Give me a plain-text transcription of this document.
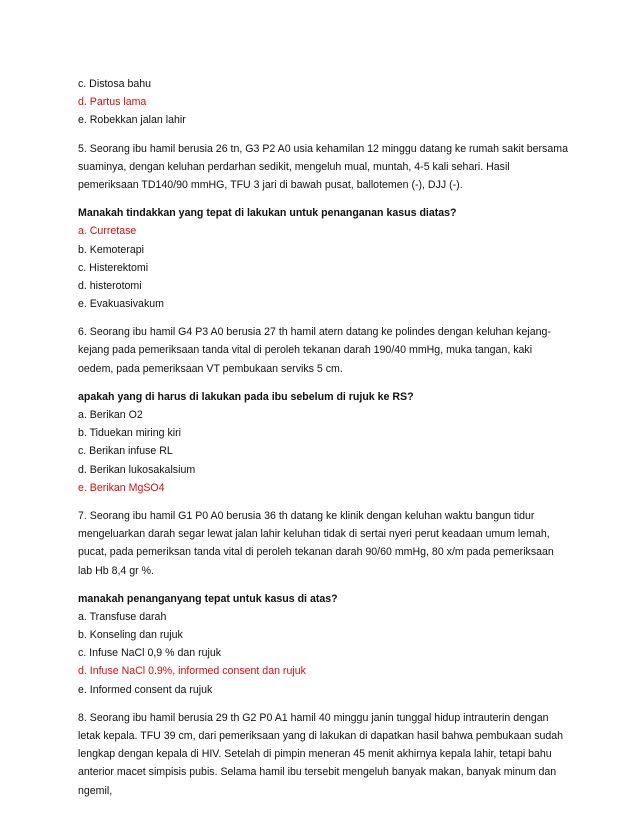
c. Distosa bahu
d. Partus lama
e. Robekkan jalan lahir
5. Seorang ibu hamil berusia 26 tn, G3 P2 A0 usia kehamilan 12 minggu datang ke rumah sakit bersama
suaminya, dengan keluhan perdarhan sedikit, mengeluh mual, muntah, 4-5 kali sehari. Hasil
pemeriksaan TD140/90 mmHG, TFU 3 jari di bawah pusat, ballotemen (-), DJJ (-).
Manakah tindakkan yang tepat di lakukan untuk penanganan kasus diatas?
a. Curretase
b. Kemoterapi
c. Histerektomi
d. histerotomi
e. Evakuasivakum
6. Seorang ibu hamil G4 P3 A0 berusia 27 th hamil atern datang ke polindes dengan keluhan kejang-
kejang pada pemeriksaan tanda vital di peroleh tekanan darah 190/40 mmHg, muka tangan, kaki
oedem, pada pemeriksaan VT pembukaan serviks 5 cm.
apakah yang di harus di lakukan pada ibu sebelum di rujuk ke RS?
a. Berikan O2
b. Tiduekan miring kiri
c. Berikan infuse RL
d. Berikan lukosakalsium
e. Berikan MgSO4
7. Seorang ibu hamil G1 P0 A0 berusia 36 th datang ke klinik dengan keluhan waktu bangun tidur
mengeluarkan darah segar lewat jalan lahir keluhan tidak di sertai nyeri perut keadaan umum lemah,
pucat, pada pemeriksan tanda vital di peroleh tekanan darah 90/60 mmHg, 80 x/m pada pemeriksaan
lab Hb 8,4 gr %.
manakah penanganyang tepat untuk kasus di atas?
a. Transfuse darah
b. Konseling dan rujuk
c. Infuse NaCl 0,9 % dan rujuk
d. Infuse NaCl 0.9%, informed consent dan rujuk
e. Informed consent da rujuk
8. Seorang ibu hamil berusia 29 th G2 P0 A1 hamil 40 minggu janin tunggal hidup intrauterin dengan
letak kepala. TFU 39 cm, dari pemeriksaan yang di lakukan di dapatkan hasil bahwa pembukaan sudah
lengkap dengan kepala di HIV. Setelah di pimpin meneran 45 menit akhirnya kepala lahir, tetapi bahu
anterior macet simpisis pubis. Selama hamil ibu tersebit mengeluh banyak makan, banyak minum dan
ngemil,
